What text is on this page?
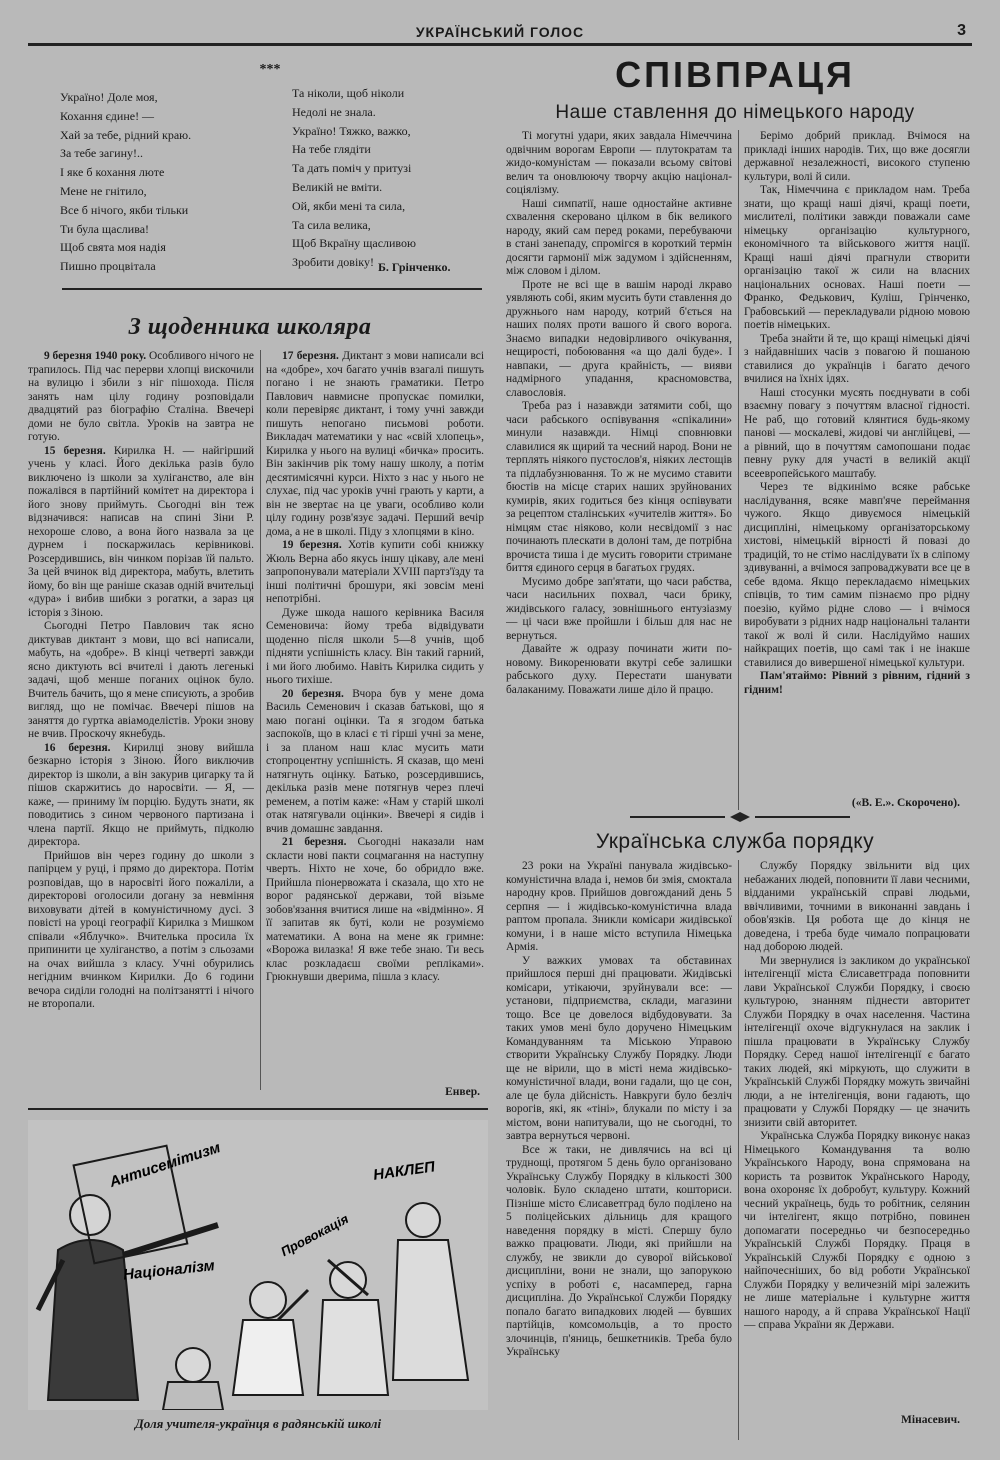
УКРАЇНСЬКИЙ ГОЛОС	3
***
Україно! Доле моя,
Кохання єдине! —
Хай за тебе, рідний краю.
За тебе загину!..
І яке б кохання люте
Мене не гнітило,
Все б нічого, якби тільки
Ти була щаслива!
Щоб свята моя надія
Пишно процвітала
Та ніколи, щоб ніколи
Недолі не знала.
Україно! Тяжко, важко,
На тебе глядіти
Та дать поміч у притузі
Великій не вміти.
Ой, якби мені та сила,
Та сила велика,
Щоб Вкраїну щасливою
Зробити довіку! Б. Грінченко.
З щоденника школяра

9 березня 1940 року. Особливого нічого не трапилось. Під час перерви хлопці вискочили на вулицю і збили з ніг пішохода. Після занять нам цілу годину розповідали двадцятий раз біографію Сталіна. Ввечері доми не було світла. Уроків на завтра не готую.

15 березня. Кирилка Н. — найгірший учень у класі. Його декілька разів було виключено із школи за хуліганство, але він пожалівся в партійний комітет на директора і його знову приймуть. Сьогодні він теж відзначився: написав на спині Зіни Р. нехороше слово, а вона його назвала за це дурнем і поскаржилась керівникові. Розсердившись, він чинком порізав їй пальто. За цей вчинок від директора, мабуть, влетить йому, бо він ще раніше сказав одній вчительці «дура» і вибив шибки з рогатки, а зараз ця історія з Зіною.

Сьогодні Петро Павлович так ясно диктував диктант з мови, що всі написали, мабуть, на «добре». В кінці четверті завжди ясно диктують всі вчителі і дають легенькі задачі, щоб менше поганих оцінок було. Вчитель бачить, що я мене списують, а зробив вигляд, що не помічає. Ввечері пішов на заняття до гуртка авіамоделістів. Уроки знову не вчив. Проскочу якнебудь.

16 березня. Кирилці знову вийшла безкарно історія з Зіною. Його виключив директор із школи, а він закурив цигарку та й пішов скаржитись до наросвіти. — Я, — каже, — приниму їм порцію. Будуть знати, як поводитись з сином червоного партизана і члена партії. Якщо не приймуть, підколю директора.

Прийшов він через годину до школи з папірцем у руці, і прямо до директора. Потім розповідав, що в наросвіті його пожаліли, а директорові оголосили догану за невміння виховувати дітей в комуністичному дусі. З повісті на уроці географії Кирилка з Мишком співали «Яблучко». Вчителька просила їх припинити це хуліганство, а потім з сльозами на очах вийшла з класу. Учні обурились негідним вчинком Кирилки. До 6 години вечора сиділи голодні на політзанятті і нічого не второпали.

17 березня. Диктант з мови написали всі на «добре», хоч багато учнів взагалі пишуть погано і не знають граматики. Петро Павлович навмисне пропускає помилки, коли перевіряє диктант, і тому учні завжди пишуть непогано письмові роботи. Викладач математики у нас «свій хлопець», Кирилка у нього на вулиці «бичка» просить. Він закінчив рік тому нашу школу, а потім десятимісячні курси. Ніхто з нас у нього не слухає, під час уроків учні грають у карти, а він не звертає на це уваги, особливо коли цілу годину розв'язує задачі. Перший вечір дома, а не в школі. Піду з хлопцями в кіно.

19 березня. Хотів купити собі книжку Жюль Верна або якусь іншу цікаву, але мені запропонували матеріали XVIII партз'їзду та інші політичні брошури, які зовсім мені непотрібні.

Дуже шкода нашого керівника Василя Семеновича: йому треба відвідувати щоденно після школи 5—8 учнів, щоб підняти успішність класу. Він такий гарний, і ми його любимо. Навіть Кирилка сидить у нього тихіше.

20 березня. Вчора був у мене дома Василь Семенович і сказав батькові, що я маю погані оцінки. Та я згодом батька заспокоїв, що в класі є ті гірші учні за мене, і за планом наш клас мусить мати стопроцентну успішність. Я сказав, що мені натягнуть оцінку. Батько, розсердившись, декілька разів мене потягнув через плечі ременем, а потім каже: «Нам у старій школі отак натягували оцінки». Ввечері я сидів і вчив домашнє завдання.

21 березня. Сьогодні наказали нам скласти нові пакти соцмагання на наступну чверть. Ніхто не хоче, бо обридло вже. Прийшла піонервожата і сказала, що хто не ворог радянської держави, той візьме зобов'язання вчитися лише на «відмінно». Я її запитав як буті, коли не розуміємо математики. А вона на мене як гримне: «Ворожа вилазка! Я вже тебе знаю. Ти весь клас розкладаєш своїми репліками». Грюкнувши дверима, пішла з класу.

Енвер.
Антисемітизм	НАКЛЕП
Провокація
Націоналізм
Доля учителя-українця в радянській школі
СПІВПРАЦЯ
Наше ставлення до німецького народу

Ті могутні удари, яких завдала Німеччина одвічним ворогам Европи — плутократам та жидо-комуністам — показали всьому світові велич та оновлюючу творчу акцію націонал-соціялізму.

Наші симпатії, наше одностайне активне схвалення скеровано цілком в бік великого народу, який сам перед роками, перебуваючи в стані занепаду, спромігся в короткий термін досягти гармонії між задумом і здійсненням, між словом і ділом.

Проте не всі ще в вашім народі лкраво уявляють собі, яким мусить бути ставлення до дружнього нам народу, котрий б'ється на наших полях проти вашого й свого ворога. Знаємо випадки недовірливого очікування, нещирості, побоювання «а що далі буде». І навпаки, — друга крайність, — вияви надмірного упадання, красномовства, славословія.

Треба раз і назавжди затямити собі, що часи рабського оспівування «спікалини» минули назавжди. Німці сповнювки славилися як щирий та чесний народ. Вони не терплять ніякого пустослов'я, ніяких лестощів та підлабузнювання. То ж не мусимо ставити бюстів на місце старих наших зруйнованих кумирів, яких годиться без кінця оспівувати за рецептом сталінських «учителів життя». Бо німцям стає ніяково, коли несвідомії з нас починають плескати в долоні там, де потрібна врочиста тиша і де мусить говорити стримане биття єдиного серця в багатьох грудях.

Мусимо добре зап'ятати, що часи рабства, часи насильних похвал, часи брику, жидівського галасу, зовнішнього ентузіазму — ці часи вже пройшли і більш для нас не вернуться.

Давайте ж одразу починати жити по-новому. Викоренювати вкутрі себе залишки рабського духу. Перестати шанувати балаканиму. Поважати лише діло й працю.

Берімо добрий приклад. Вчімося на прикладі інших народів. Тих, що вже досягли державної незалежності, високого ступеню культури, волі й сили.

Так, Німеччина є прикладом нам. Треба знати, що кращі наші діячі, кращі поети, мислителі, політики завжди поважали саме німецьку організацію культурного, економічного та військового життя нації. Кращі наші діячі прагнули створити організацію такої ж сили на власних національних основах. Наші поети — Франко, Федькович, Куліш, Грінченко, Грабовський — перекладували рідною мовою поетів німецьких.

Треба знайти й те, що кращі німецькі діячі з найдавніших часів з повагою й пошаною ставилися до українців і багато дечого вчилися на їхніх ідях.

Наші стосунки мусять поєднувати в собі взаємну повагу з почуттям власної гідності. Не раб, що готовий клянтися будь-якому панові — москалеві, жидові чи англійцеві, — а рівний, що в почуттям самопошани подає певну руку для участі в великій акції всеевропейського маштабу.

Через те відкинімо всяке рабське наслідування, всяке мавп'яче переймання чужого. Якщо дивуємося німецькій дисципліні, німецькому організаторському хистові, німецькій вірності й повазі до традицій, то не стімо наслідувати їх в сліпому здивуванні, а вчімося запроваджувати все це в себе вдома. Якщо перекладаємо німецьких співців, то тим самим пізнаємо про рідну поезію, куймо рідне слово — і вчімося виробувати з рідних надр національні таланти такої ж волі й сили. Наслідуймо наших найкращих поетів, що самі так і не інакше ставилися до вивершеної німецької культури.

Пам'ятаймо: Рівний з рівним, гідний з гідним!

(«В. Е.». Скорочено).
Українська служба порядку

23 роки на Україні панувала жидівсько-комуністична влада і, немов би змія, смоктала народну кров. Прийшов довгожданий день 5 серпня — і жидівсько-комуністична влада раптом пропала. Зникли комісари жидівської комуни, і в наше місто вступила Німецька Армія.

У важких умовах та обставинах прийшлося перші дні працювати. Жидівські комісари, утікаючи, зруйнували все: — установи, підприємства, склади, магазини тощо. Все це довелося відбудовувати. За таких умов мені було доручено Німецьким Командуванням та Міською Управою створити Українську Службу Порядку. Люди ще не вірили, що в місті нема жидівсько-комуністичної влади, вони гадали, що це сон, але це була дійсність. Навкруги було безліч ворогів, які, як «тіні», блукали по місту і за містом, вони напитували, що не сьогодні, то завтра вернуться червоні.

Все ж таки, не дивлячись на всі ці труднощі, протягом 5 день було організовано Українську Службу Порядку в кількості 300 чоловік. Було складено штати, кошториси. Пізніше місто Єлисаветград було поділено на 5 поліцейських дільниць для кращого наведення порядку в місті. Спершу було важко працювати. Люди, які прийшли на службу, не звикли до суворої військової дисципліни, вони не знали, що запорукою успіху в роботі є, насамперед, гарна дисципліна. До Української Служби Порядку попало багато випадкових людей — бувших партійців, комсомольців, а то просто злочинців, п'яниць, бешкетників. Треба було Українську

Службу Порядку звільнити від цих небажаних людей, поповнити її лави чесними, відданими українській справі людьми, ввічливими, точними в виконанні завдань і обов'язків. Ця робота ще до кінця не доведена, і треба буде чимало попрацювати над доборою людей.

Ми звернулися із закликом до української інтелігенції міста Єлисаветграда поповнити лави Української Служби Порядку, і своєю культурою, знанням піднести авторитет Служби Порядку в очах населення. Частина інтелігенції охоче відгукнулася на заклик і пішла працювати в Українську Службу Порядку. Серед нашої інтелігенції є багато таких людей, які міркують, що служити в Українській Службі Порядку можуть звичайні люди, а не інтелігенція, вони гадають, що працювати у Службі Порядку — це значить знизити свій авторитет.

Українська Служба Порядку виконує наказ Німецького Командування та волю Українського Народу, вона спрямована на користь та розвиток Українського Народу, вона охороняє їх добробут, культуру. Кожний чесний українець, будь то робітник, селянин чи інтелігент, якщо потрібно, повинен допомагати посередньо чи безпосередньо Українській Службі Порядку. Праця в Українській Службі Порядку є одною з найпочесніших, бо від роботи Української Служби Порядку у величезній мірі залежить не лише матеріальне і культурне життя нашого народу, а й справа Української Нації — справа України як Держави.

Мінасевич.
